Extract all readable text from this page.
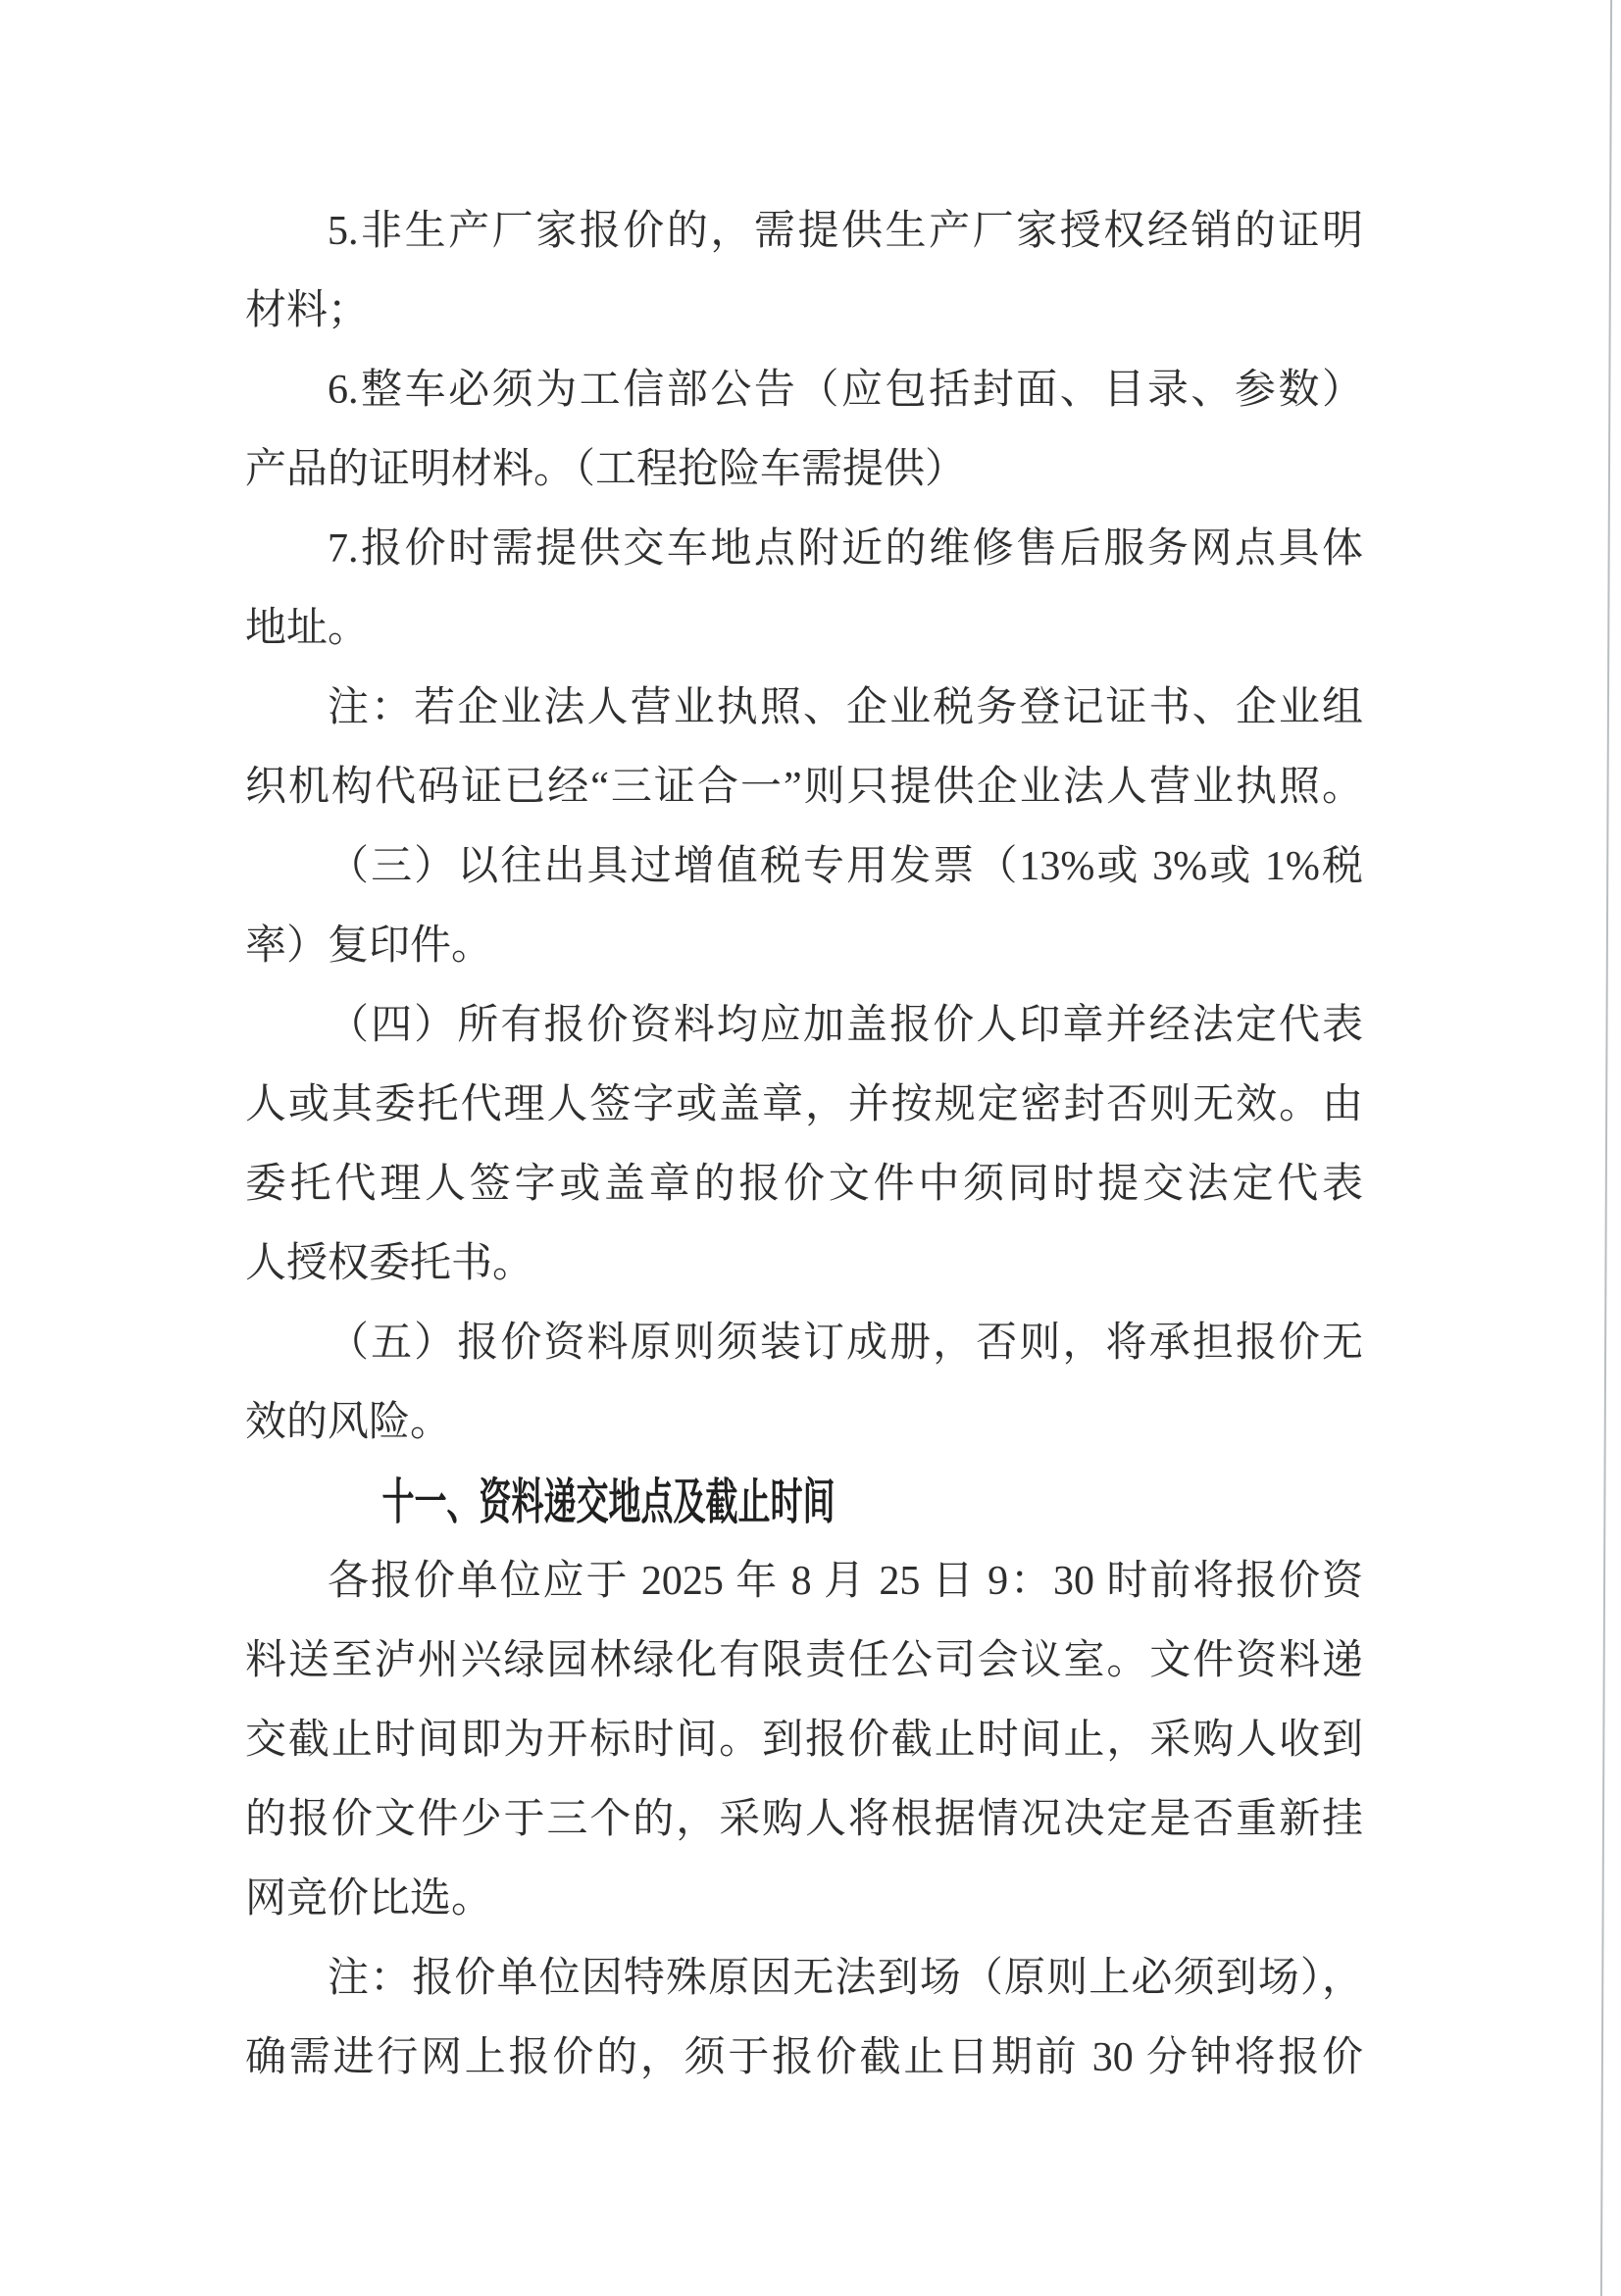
5.非生产厂家报价的，需提供生产厂家授权经销的证明
材料；
6.整车必须为工信部公告（应包括封面、目录、参数）
产品的证明材料。（工程抢险车需提供）
7.报价时需提供交车地点附近的维修售后服务网点具体
地址。
注：若企业法人营业执照、企业税务登记证书、企业组
织机构代码证已经“三证合一”则只提供企业法人营业执照。
（三）以往出具过增值税专用发票（13%或 3%或 1%税
率）复印件。
（四）所有报价资料均应加盖报价人印章并经法定代表
人或其委托代理人签字或盖章，并按规定密封否则无效。由
委托代理人签字或盖章的报价文件中须同时提交法定代表
人授权委托书。
（五）报价资料原则须装订成册，否则，将承担报价无
效的风险。
十一、资料递交地点及截止时间
各报价单位应于 2025 年 8 月 25 日 9：30 时前将报价资
料送至泸州兴绿园林绿化有限责任公司会议室。文件资料递
交截止时间即为开标时间。到报价截止时间止，采购人收到
的报价文件少于三个的，采购人将根据情况决定是否重新挂
网竞价比选。
注：报价单位因特殊原因无法到场（原则上必须到场），
确需进行网上报价的，须于报价截止日期前 30 分钟将报价
